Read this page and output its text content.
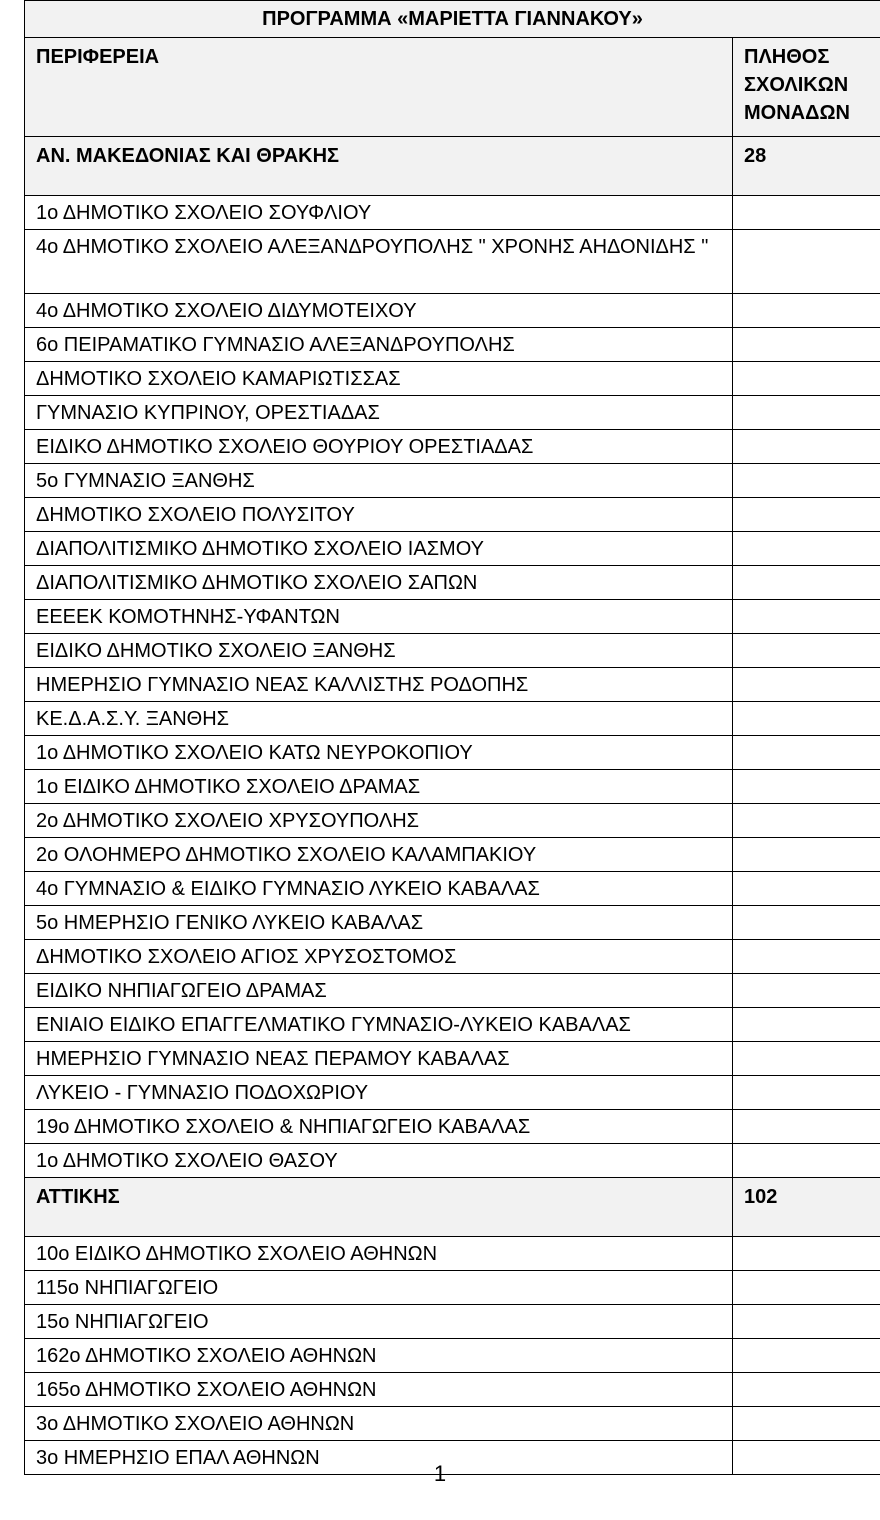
ΠΡΟΓΡΑΜΜΑ «ΜΑΡΙΕΤΤΑ ΓΙΑΝΝΑΚΟΥ»	
ΠΕΡΙΦΕΡΕΙΑ	ΠΛΗΘΟΣ ΣΧΟΛΙΚΩΝ ΜΟΝΑΔΩΝ
ΑΝ. ΜΑΚΕΔΟΝΙΑΣ ΚΑΙ ΘΡΑΚΗΣ	28
1ο ΔΗΜΟΤΙΚΟ ΣΧΟΛΕΙΟ ΣΟΥΦΛΙΟΥ	
4ο ΔΗΜΟΤΙΚΟ ΣΧΟΛΕΙΟ ΑΛΕΞΑΝΔΡΟΥΠΟΛΗΣ " ΧΡΟΝΗΣ ΑΗΔΟΝΙΔΗΣ "	
4ο ΔΗΜΟΤΙΚΟ ΣΧΟΛΕΙΟ ΔΙΔΥΜΟΤΕΙΧΟΥ	
6ο ΠΕΙΡΑΜΑΤΙΚΟ ΓΥΜΝΑΣΙΟ ΑΛΕΞΑΝΔΡΟΥΠΟΛΗΣ	
ΔΗΜΟΤΙΚΟ ΣΧΟΛΕΙΟ ΚΑΜΑΡΙΩΤΙΣΣΑΣ	
ΓΥΜΝΑΣΙΟ ΚΥΠΡΙΝΟΥ, ΟΡΕΣΤΙΑΔΑΣ	
ΕΙΔΙΚΟ ΔΗΜΟΤΙΚΟ ΣΧΟΛΕΙΟ ΘΟΥΡΙΟΥ ΟΡΕΣΤΙΑΔΑΣ	
5ο ΓΥΜΝΑΣΙΟ ΞΑΝΘΗΣ	
ΔΗΜΟΤΙΚΟ ΣΧΟΛΕΙΟ ΠΟΛΥΣΙΤΟΥ	
ΔΙΑΠΟΛΙΤΙΣΜΙΚΟ ΔΗΜΟΤΙΚΟ ΣΧΟΛΕΙΟ ΙΑΣΜΟΥ	
ΔΙΑΠΟΛΙΤΙΣΜΙΚΟ ΔΗΜΟΤΙΚΟ ΣΧΟΛΕΙΟ ΣΑΠΩΝ	
ΕΕΕΕΚ ΚΟΜΟΤΗΝΗΣ-ΥΦΑΝΤΩΝ	
ΕΙΔΙΚΟ ΔΗΜΟΤΙΚΟ ΣΧΟΛΕΙΟ ΞΑΝΘΗΣ	
ΗΜΕΡΗΣΙΟ ΓΥΜΝΑΣΙΟ ΝΕΑΣ ΚΑΛΛΙΣΤΗΣ ΡΟΔΟΠΗΣ	
ΚΕ.Δ.Α.Σ.Υ. ΞΑΝΘΗΣ	
1ο ΔΗΜΟΤΙΚΟ ΣΧΟΛΕΙΟ ΚΑΤΩ ΝΕΥΡΟΚΟΠΙΟΥ	
1ο ΕΙΔΙΚΟ ΔΗΜΟΤΙΚΟ ΣΧΟΛΕΙΟ ΔΡΑΜΑΣ	
2ο ΔΗΜΟΤΙΚΟ ΣΧΟΛΕΙΟ ΧΡΥΣΟΥΠΟΛΗΣ	
2ο ΟΛΟΗΜΕΡΟ ΔΗΜΟΤΙΚΟ ΣΧΟΛΕΙΟ ΚΑΛΑΜΠΑΚΙΟΥ	
4ο ΓΥΜΝΑΣΙΟ & ΕΙΔΙΚΟ ΓΥΜΝΑΣΙΟ ΛΥΚΕΙΟ ΚΑΒΑΛΑΣ	
5ο ΗΜΕΡΗΣΙΟ ΓΕΝΙΚΟ ΛΥΚΕΙΟ ΚΑΒΑΛΑΣ	
ΔΗΜΟΤΙΚΟ ΣΧΟΛΕΙΟ ΑΓΙΟΣ ΧΡΥΣΟΣΤΟΜΟΣ	
ΕΙΔΙΚΟ ΝΗΠΙΑΓΩΓΕΙΟ ΔΡΑΜΑΣ	
ΕΝΙΑΙΟ ΕΙΔΙΚΟ ΕΠΑΓΓΕΛΜΑΤΙΚΟ ΓΥΜΝΑΣΙΟ-ΛΥΚΕΙΟ ΚΑΒΑΛΑΣ	
ΗΜΕΡΗΣΙΟ ΓΥΜΝΑΣΙΟ ΝΕΑΣ ΠΕΡΑΜΟΥ ΚΑΒΑΛΑΣ	
ΛΥΚΕΙΟ - ΓΥΜΝΑΣΙΟ ΠΟΔΟΧΩΡΙΟΥ	
19ο ΔΗΜΟΤΙΚΟ ΣΧΟΛΕΙΟ & ΝΗΠΙΑΓΩΓΕΙΟ ΚΑΒΑΛΑΣ	
1ο ΔΗΜΟΤΙΚΟ ΣΧΟΛΕΙΟ ΘΑΣΟΥ	
ΑΤΤΙΚΗΣ	102
10ο ΕΙΔΙΚΟ ΔΗΜΟΤΙΚΟ ΣΧΟΛΕΙΟ ΑΘΗΝΩΝ	
115ο ΝΗΠΙΑΓΩΓΕΙΟ	
15ο ΝΗΠΙΑΓΩΓΕΙΟ	
162ο ΔΗΜΟΤΙΚΟ ΣΧΟΛΕΙΟ ΑΘΗΝΩΝ	
165ο ΔΗΜΟΤΙΚΟ ΣΧΟΛΕΙΟ ΑΘΗΝΩΝ	
3ο ΔΗΜΟΤΙΚΟ ΣΧΟΛΕΙΟ ΑΘΗΝΩΝ	
3ο ΗΜΕΡΗΣΙΟ ΕΠΑΛ ΑΘΗΝΩΝ	
1
